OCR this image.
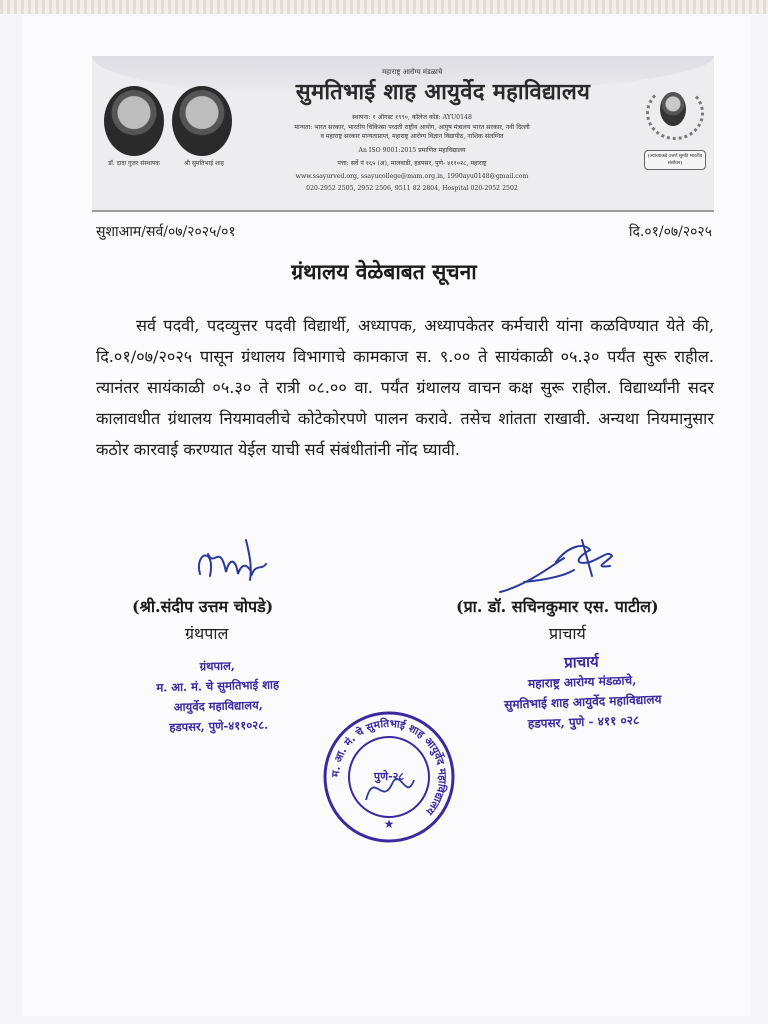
डॉ. दादा गुजर संस्थापक	श्री सुमतिभाई शाह
महाराष्ट्र आरोग्य मंडळाचे
सुमतिभाई शाह आयुर्वेद महाविद्यालय
स्थापना: १ ऑगस्ट १९९०, कॉलेज कोड: AYU0148
मान्यता: भारत सरकार, भारतीय चिकित्सा पध्दती राष्ट्रीय आयोग, आयुष मंत्रालय भारत सरकार, नवी दिल्ली
व महाराष्ट्र सरकार मान्यताप्राप्त, महाराष्ट्र आरोग्य विज्ञान विद्यापीठ, नाशिक संलग्नित
An ISO 9001:2015 प्रमाणित महाविद्यालय
पत्ता: सर्वे नं १६५ (अ), मालवाडी, हडपसर, पुणे- ४११०२८, महाराष्ट्र
www.ssayurved.org, ssayucollege@mam.org.in, 1990ayu0148@gmail.com
020-2952 2505, 2952 2506, 9511 82 2804, Hospital 020-2952 2502
(ज्यांच्याकडे उत्तर्ण सुमति भारतीय संशोधन)
सुशाआम/सर्व/०७/२०२५/०१	दि.०१/०७/२०२५
ग्रंथालय वेळेबाबत सूचना
सर्व पदवी, पदव्युत्तर पदवी विद्यार्थी, अध्यापक, अध्यापकेतर कर्मचारी यांना कळविण्यात येते की, दि.०१/०७/२०२५ पासून ग्रंथालय विभागाचे कामकाज स. ९.०० ते सायंकाळी ०५.३० पर्यंत सुरू राहील. त्यानंतर सायंकाळी ०५.३० ते रात्री ०८.०० वा. पर्यंत ग्रंथालय वाचन कक्ष सुरू राहील. विद्यार्थ्यांनी सदर कालावधीत ग्रंथालय नियमावलीचे कोटेकोरपणे पालन करावे. तसेच शांतता राखावी. अन्यथा नियमानुसार कठोर कारवाई करण्यात येईल याची सर्व संबंधीतांनी नोंद घ्यावी.
(श्री.संदीप उत्तम चोपडे)
ग्रंथपाल
(प्रा. डॉ. सचिनकुमार एस. पाटील)
प्राचार्य
ग्रंथपाल,
म. आ. मं. चे सुमतिभाई शाह
आयुर्वेद महाविद्यालय,
हडपसर, पुणे-४११०२८.
प्राचार्य
महाराष्ट्र आरोग्य मंडळाचे,
सुमतिभाई शाह आयुर्वेद महाविद्यालय
हडपसर, पुणे - ४११ ०२८
म. आ. मं. चे सुमतिभाई शाह आयुर्वेद महाविद्यालय
पुणे-२८
★
